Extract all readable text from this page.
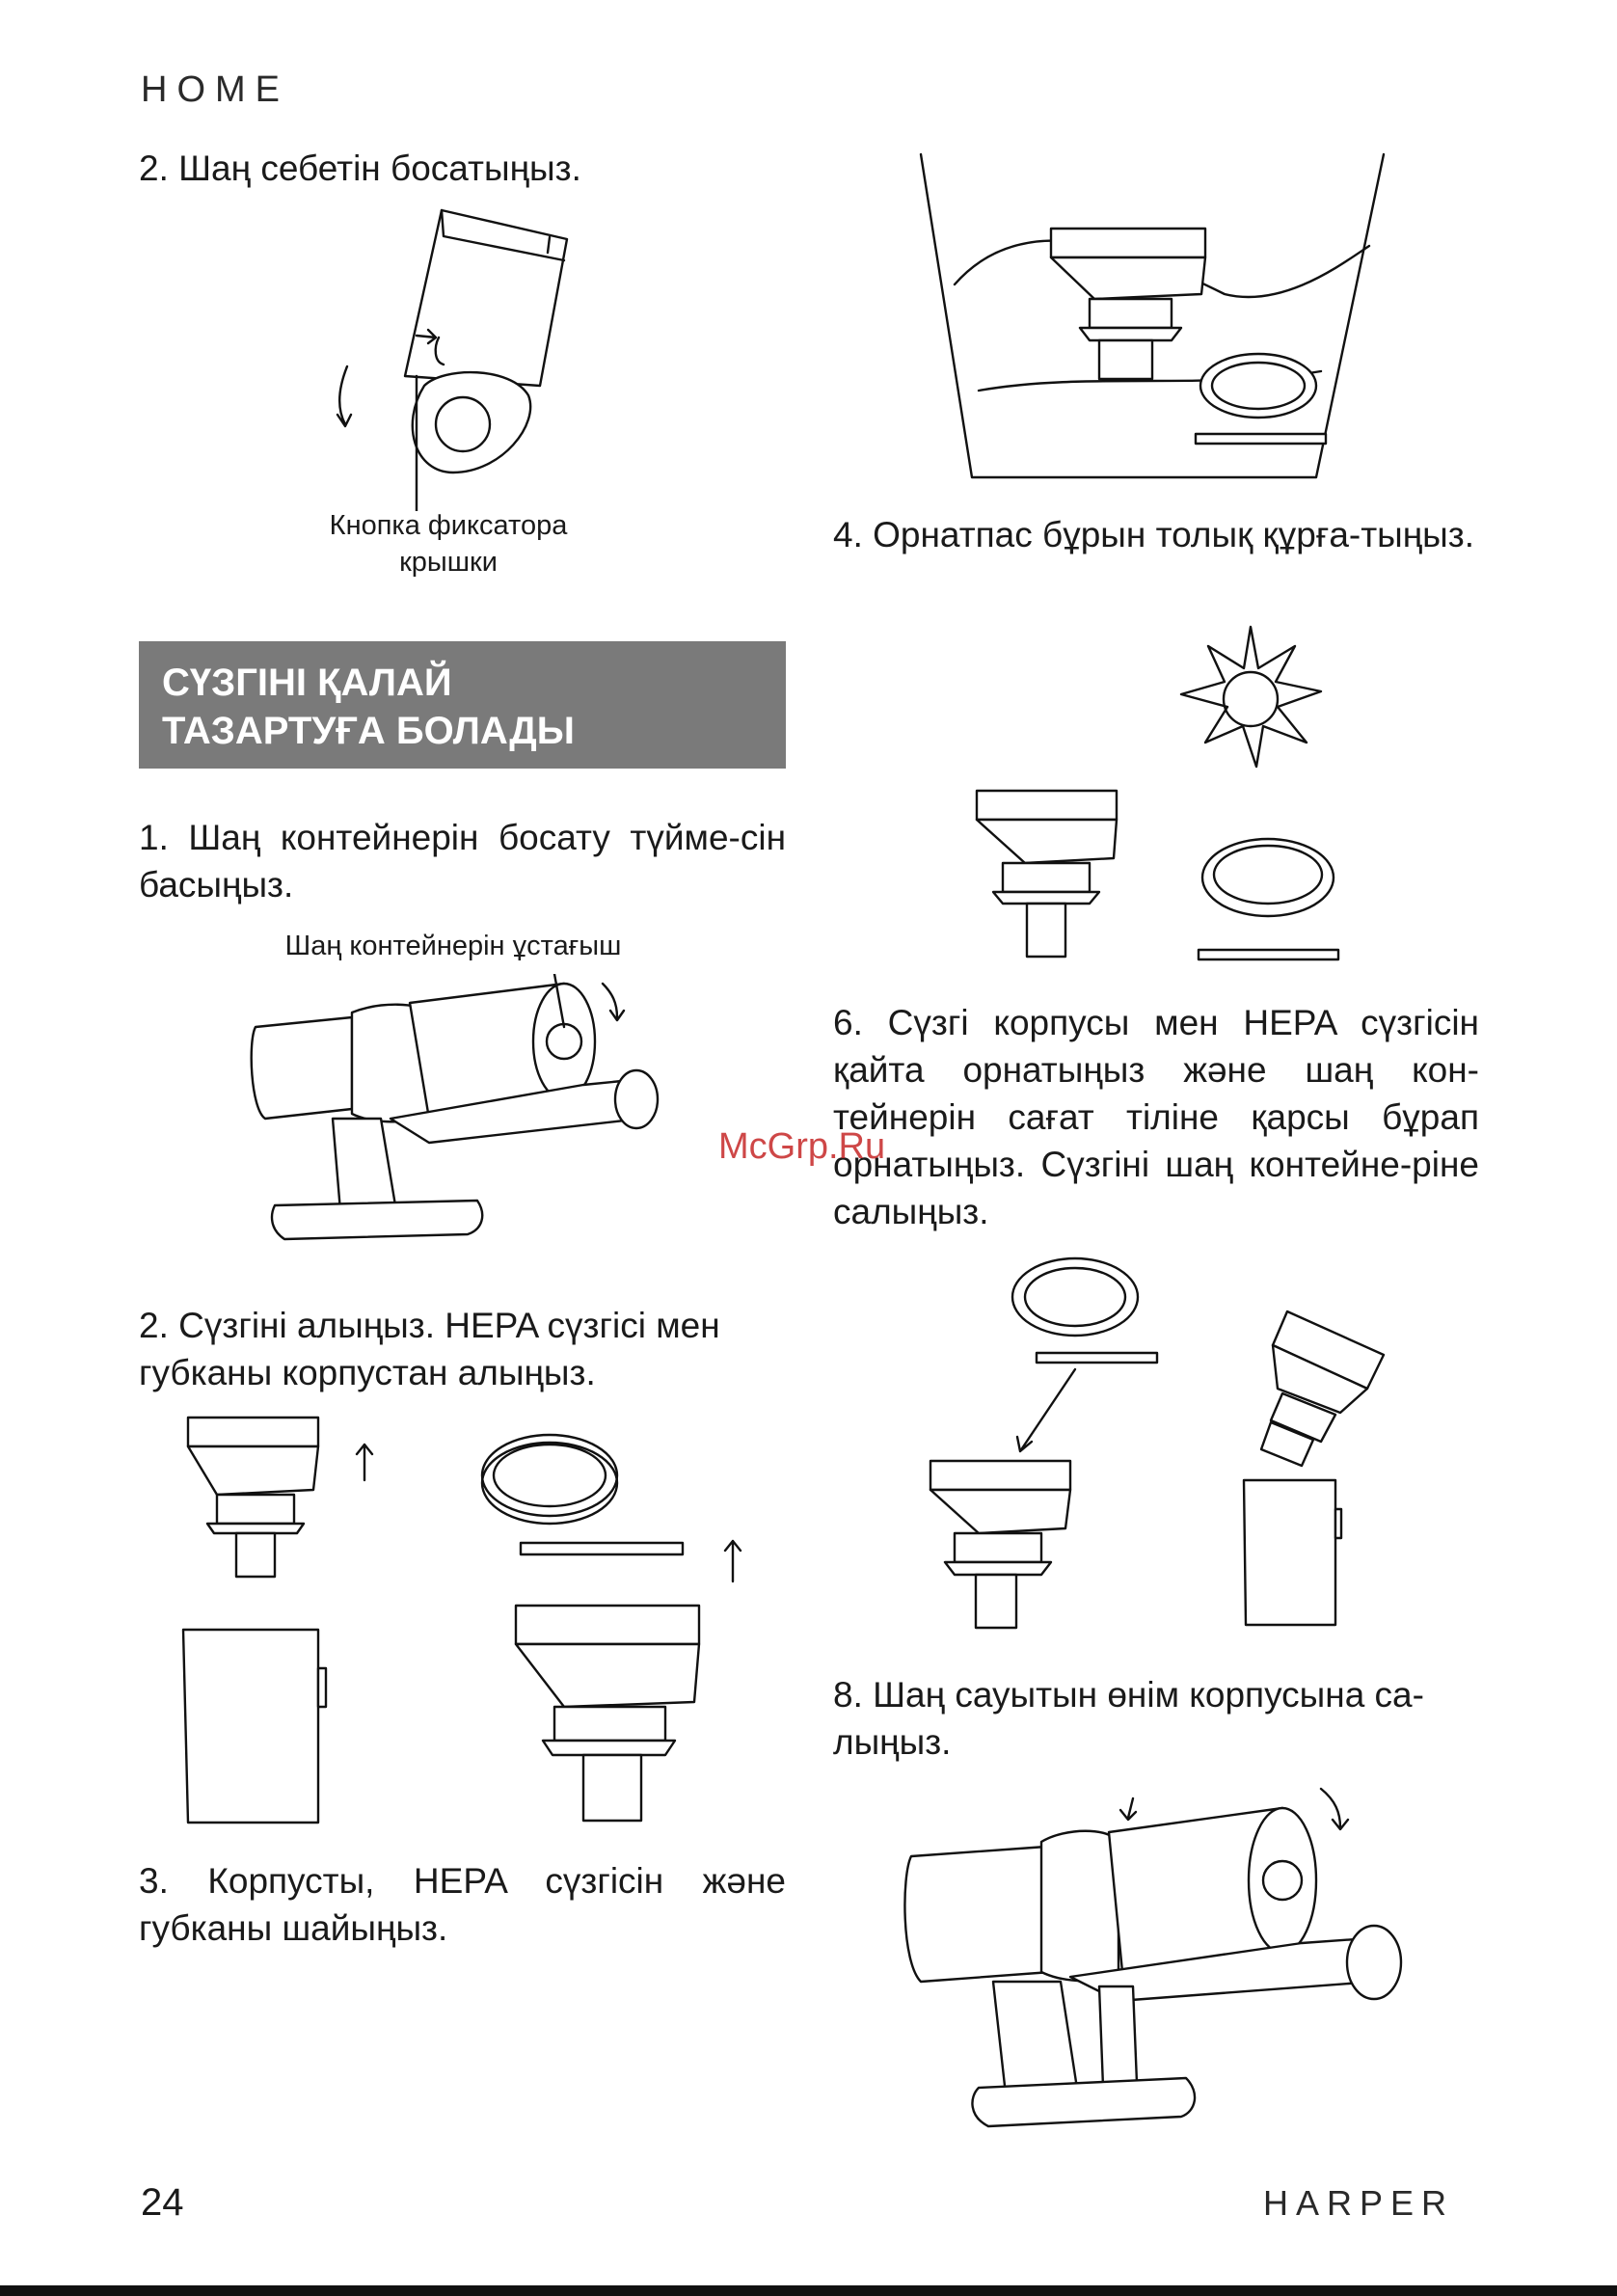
HOME
2. Шаң себетін босатыңыз.
Кнопка фиксатора
крышки
СҮЗГІНІ ҚАЛАЙ
ТАЗАРТУҒА БОЛАДЫ
1. Шаң контейнерін босату түйме-сін басыңыз.
Шаң контейнерін ұстағыш
2. Сүзгіні алыңыз. HEPA сүзгісі мен губканы корпустан алыңыз.
3. Корпусты, HEPA сүзгісін және губканы шайыңыз.
4. Орнатпас бұрын толық құрға-тыңыз.
6. Сүзгі корпусы мен HEPA сүзгісін қайта орнатыңыз және шаң кон-тейнерін сағат тіліне қарсы бұрап орнатыңыз. Сүзгіні шаң контейне-ріне салыңыз.
8. Шаң сауытын өнім корпусына са-лыңыз.
McGrp.Ru
24	HARPER
